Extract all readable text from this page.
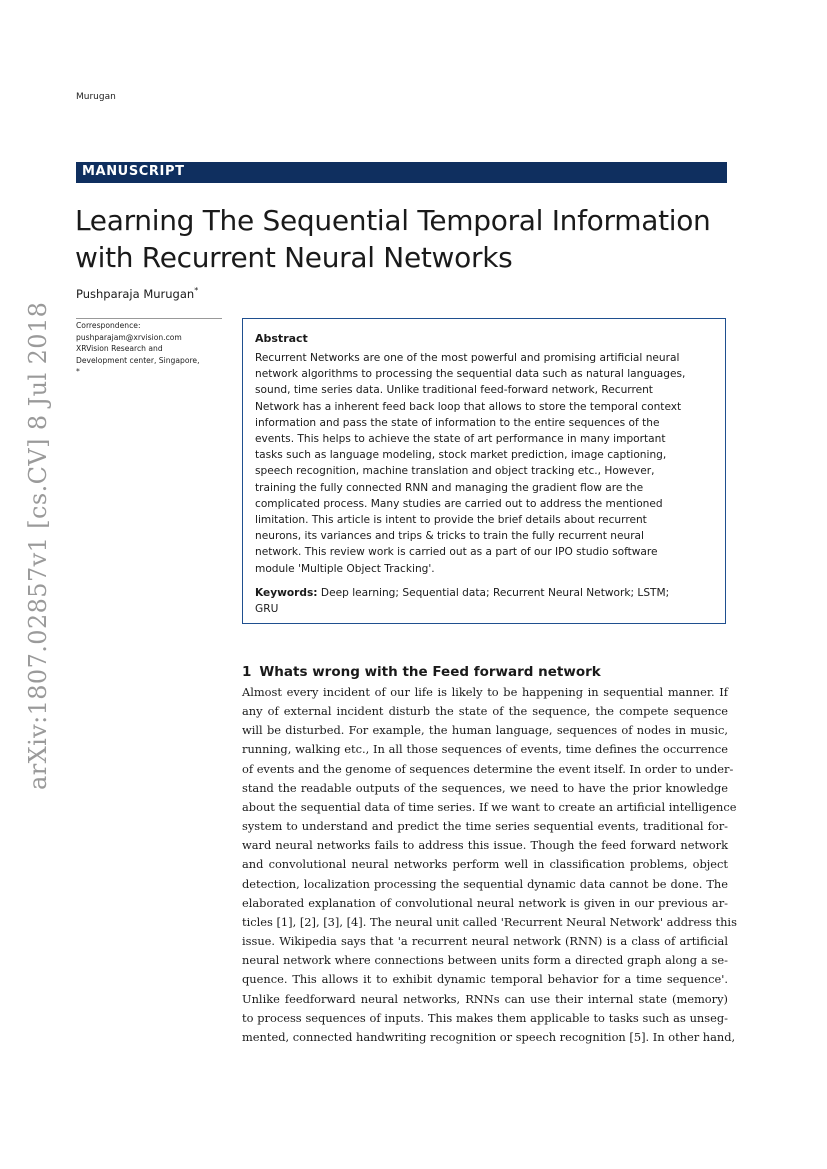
Murugan
MANUSCRIPT
Learning The Sequential Temporal Information
with Recurrent Neural Networks
Pushparaja Murugan*
Correspondence:
pushparajam@xrvision.com
XRVision Research and
Development center, Singapore,
*
Abstract
Recurrent Networks are one of the most powerful and promising artificial neural
network algorithms to processing the sequential data such as natural languages,
sound, time series data. Unlike traditional feed-forward network, Recurrent
Network has a inherent feed back loop that allows to store the temporal context
information and pass the state of information to the entire sequences of the
events. This helps to achieve the state of art performance in many important
tasks such as language modeling, stock market prediction, image captioning,
speech recognition, machine translation and object tracking etc., However,
training the fully connected RNN and managing the gradient flow are the
complicated process. Many studies are carried out to address the mentioned
limitation. This article is intent to provide the brief details about recurrent
neurons, its variances and trips & tricks to train the fully recurrent neural
network. This review work is carried out as a part of our IPO studio software
module 'Multiple Object Tracking'.
Keywords: Deep learning; Sequential data; Recurrent Neural Network; LSTM;
GRU
arXiv:1807.02857v1 [cs.CV] 8 Jul 2018	1 Whats wrong with the Feed forward network
Almost every incident of our life is likely to be happening in sequential manner. If
any of external incident disturb the state of the sequence, the compete sequence
will be disturbed. For example, the human language, sequences of nodes in music,
running, walking etc., In all those sequences of events, time defines the occurrence
of events and the genome of sequences determine the event itself. In order to under-
stand the readable outputs of the sequences, we need to have the prior knowledge
about the sequential data of time series. If we want to create an artificial intelligence
system to understand and predict the time series sequential events, traditional for-
ward neural networks fails to address this issue. Though the feed forward network
and convolutional neural networks perform well in classification problems, object
detection, localization processing the sequential dynamic data cannot be done. The
elaborated explanation of convolutional neural network is given in our previous ar-
ticles [1], [2], [3], [4]. The neural unit called 'Recurrent Neural Network' address this
issue. Wikipedia says that 'a recurrent neural network (RNN) is a class of artificial
neural network where connections between units form a directed graph along a se-
quence. This allows it to exhibit dynamic temporal behavior for a time sequence'.
Unlike feedforward neural networks, RNNs can use their internal state (memory)
to process sequences of inputs. This makes them applicable to tasks such as unseg-
mented, connected handwriting recognition or speech recognition [5]. In other hand,
